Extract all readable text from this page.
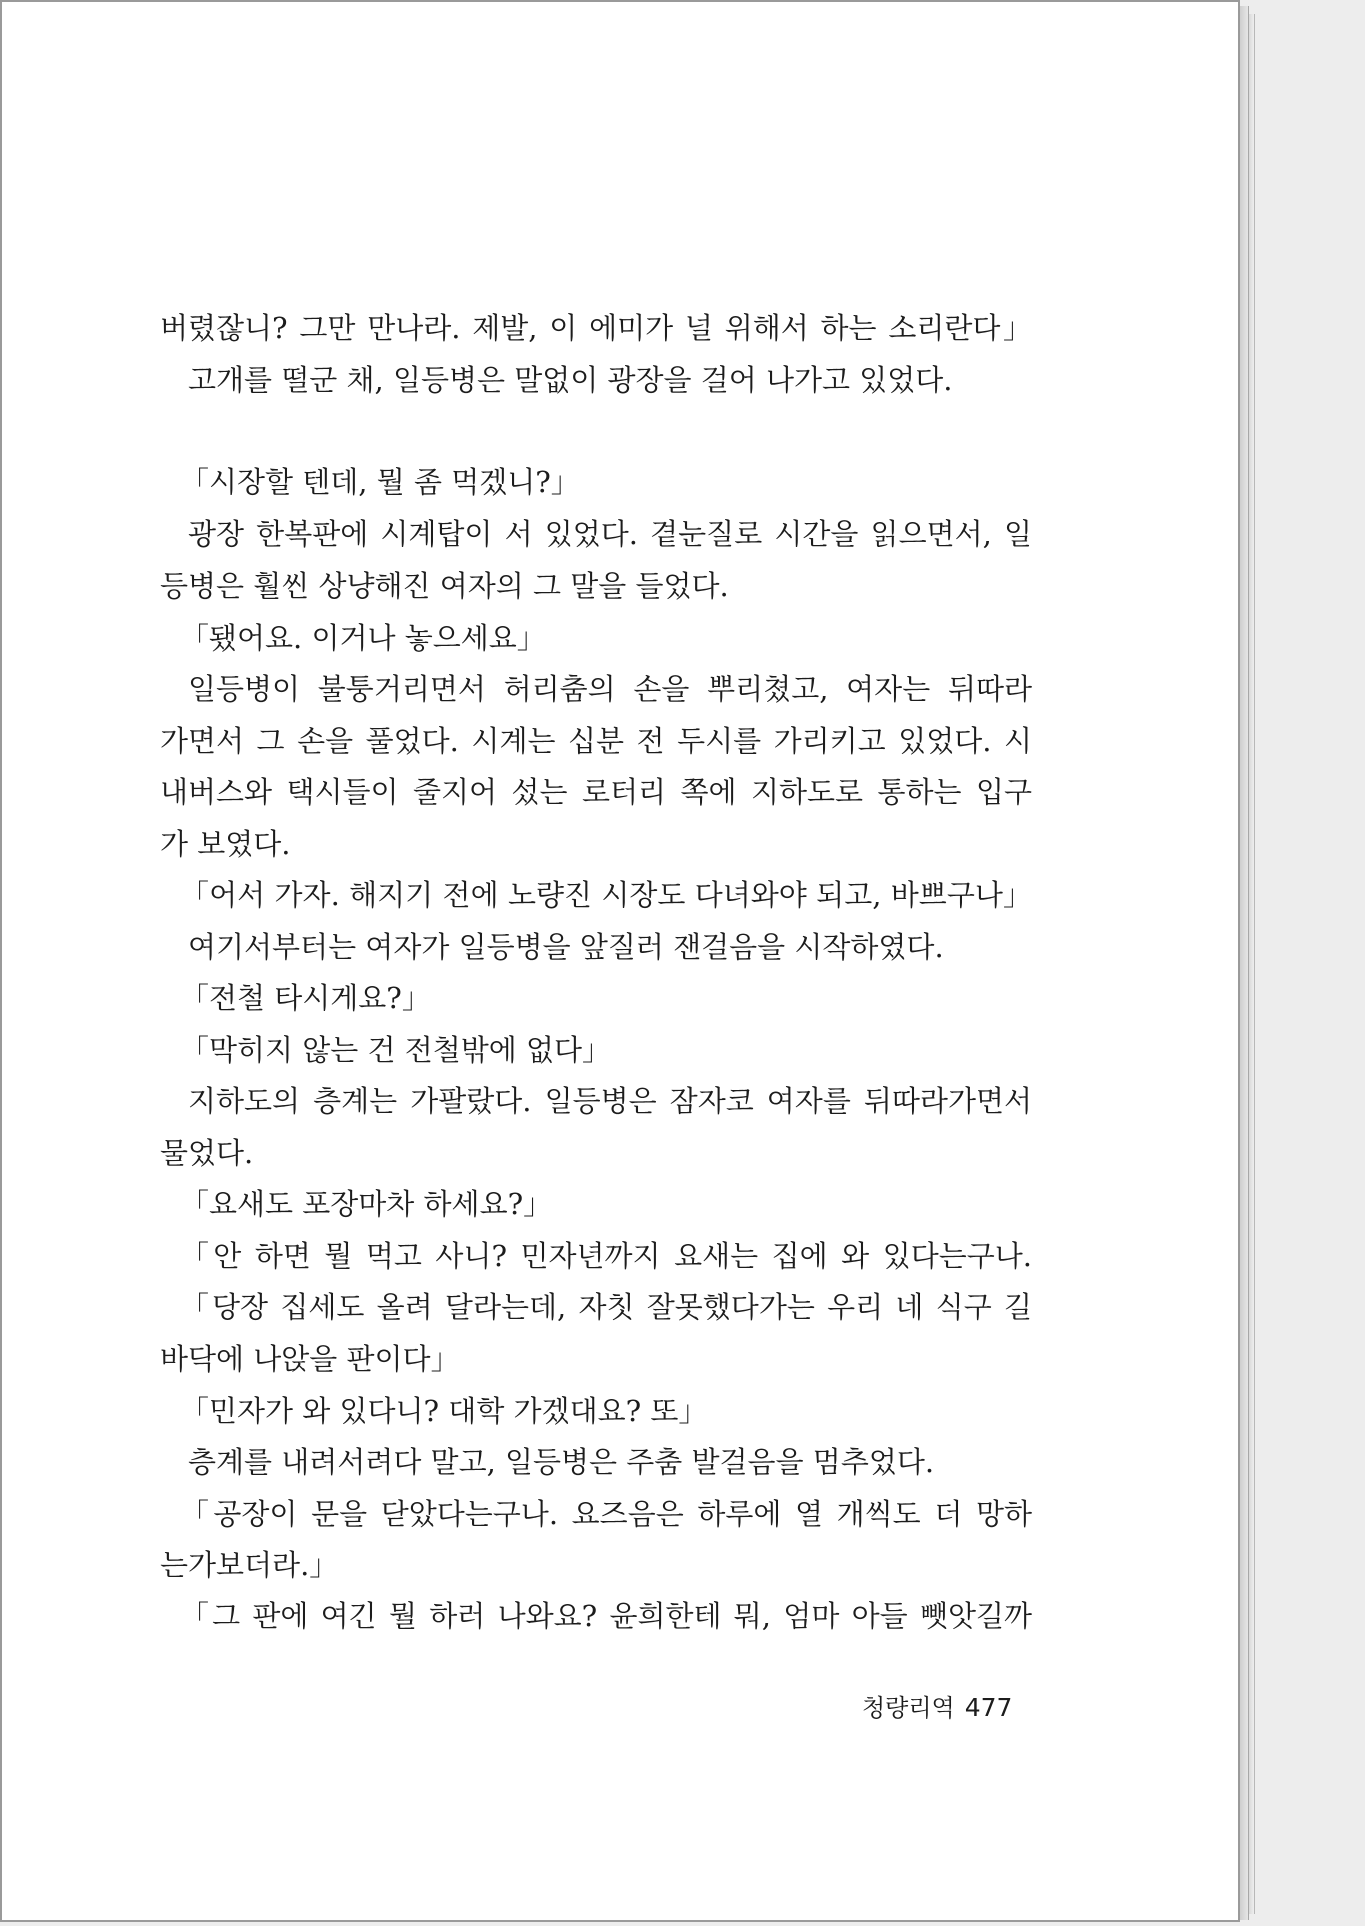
버렸잖니? 그만 만나라. 제발, 이 에미가 널 위해서 하는 소리란다」
고개를 떨군 채, 일등병은 말없이 광장을 걸어 나가고 있었다.
「시장할 텐데, 뭘 좀 먹겠니?」
광장 한복판에 시계탑이 서 있었다. 곁눈질로 시간을 읽으면서, 일
등병은 훨씬 상냥해진 여자의 그 말을 들었다.
「됐어요. 이거나 놓으세요」
일등병이 불퉁거리면서 허리춤의 손을 뿌리쳤고, 여자는 뒤따라
가면서 그 손을 풀었다. 시계는 십분 전 두시를 가리키고 있었다. 시
내버스와 택시들이 줄지어 섰는 로터리 쪽에 지하도로 통하는 입구
가 보였다.
「어서 가자. 해지기 전에 노량진 시장도 다녀와야 되고, 바쁘구나」
여기서부터는 여자가 일등병을 앞질러 잰걸음을 시작하였다.
「전철 타시게요?」
「막히지 않는 건 전철밖에 없다」
지하도의 층계는 가팔랐다. 일등병은 잠자코 여자를 뒤따라가면서
물었다.
「요새도 포장마차 하세요?」
「안 하면 뭘 먹고 사니? 민자년까지 요새는 집에 와 있다는구나.
「당장 집세도 올려 달라는데, 자칫 잘못했다가는 우리 네 식구 길
바닥에 나앉을 판이다」
「민자가 와 있다니? 대학 가겠대요? 또」
층계를 내려서려다 말고, 일등병은 주춤 발걸음을 멈추었다.
「공장이 문을 닫았다는구나. 요즈음은 하루에 열 개씩도 더 망하
는가보더라.」
「그 판에 여긴 뭘 하러 나와요? 윤희한테 뭐, 엄마 아들 뺏앗길까
청량리역 477
